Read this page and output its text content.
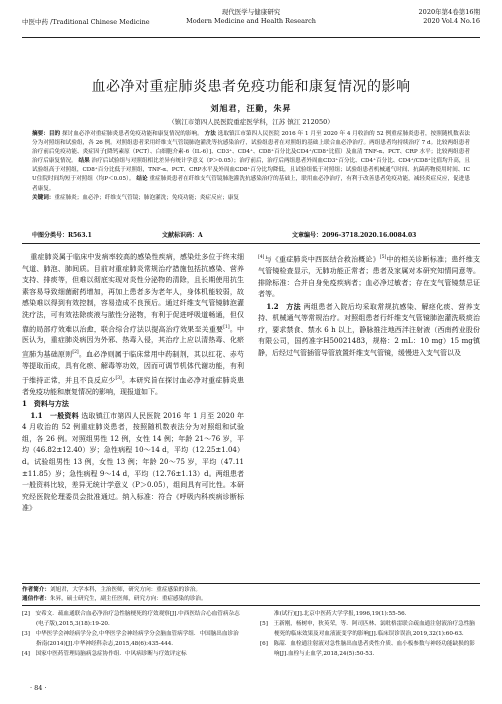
中医中药 /Traditional Chinese Medicine
现代医学与健康研究
Modern Medicine and Health Research
2020年第4卷第16期
2020 Vol.4 No.16
血必净对重症肺炎患者免疫功能和康复情况的影响
刘旭君，汪勤，朱昇
（镇江市第四人民医院重症医学科，江苏 镇江 212050）
摘要：目的 探讨血必净对重症肺炎患者免疫功能和康复情况的影响。 方法 选取镇江市第四人民医院 2016 年 1 月至 2020 年 4 月收治的 52 例重症肺炎患者，按照随机数表法分为对照组和试验组，各 26 例。对照组患者采用纤维支气管镜肺泡灌洗等抗感染治疗，试验组患者在对照组的基础上联合血必净治疗。两组患者均持续治疗 7 d。比较两组患者治疗前后免疫功能、炎症因子[降钙素原（PCT）、白细胞介素-6（IL-6）]、CD3⁺、CD4⁺、CD8⁺百分比及CD4⁺/CD8⁺比值）及血清 TNF-α、PCT、CRP 水平；比较两组患者治疗后康复情况。 结果 治疗后试验组与对照组相比差异有统计学意义（P＞0.05）；治疗前后，治疗后两组患者外周血CD3⁺百分比、CD4⁺百分比、CD4⁺/CD8⁺比值均升高，且试验组高于对照组，CD8⁺百分比低于对照组，TNF-α、PCT、CRP水平及外周血CD8⁺百分比均降低，且试验组低于对照组；试验组患者机械通气时间、抗菌药物使用时间、ICU住院时间均短于对照组（均P＜0.05）。 结论 重症肺炎患者在纤维支气管镜肺泡灌洗抗感染治疗的基础上，联用血必净治疗，有利于改善患者免疫功能，减轻炎症反应，促进患者康复。
关键词：重症肺炎；血必净；纤维支气管镜；肺泡灌洗；免疫功能；炎症反应；康复
中图分类号：R563.1	文献标识码：A	文章编号：2096-3718.2020.16.0084.03

重症肺炎属于临床中发病率较高的感染性疾病，感染灶多位于终末细气道、肺泡、肺间质。目前对重症肺炎常规治疗措施包括抗感染、营养支持、排痰等，但难以彻底实现对炎性分泌物的清除，且长期使用抗生素容易导致细菌耐药增加，再加上患者多为老年人，身体机能较弱，故感染难以得到有效控制，容易造成不良预后。通过纤维支气管镜肺泡灌洗疗法，可有效祛除痰液与脓性分泌物，有利于促进呼吸道畅通，但仅靠的局部疗效难以治愈，联合综合疗法以提高治疗效果至关重要[1]。中医认为，重症肺炎病因为外邪、热毒入侵，其治疗上应以清热毒、化瘀宣肺为基础原则[2]。血必净则属于临床常用中药制剂，其以红花、赤芍等提取而成，具有化瘀、解毒等功效，因而可调节机体代谢功能，有利于维持正常，并且不良反应少[3]。本研究旨在探讨血必净对重症肺炎患者免疫功能和康复情况的影响，现报道如下。

1　资料与方法

1.1　一般资料 选取镇江市第四人民医院 2016 年 1 月至 2020 年 4 月收治的 52 例重症肺炎患者，按照随机数表法分为对照组和试验组，各 26 例。对照组男性 12 例，女性 14 例；年龄 21～76 岁，平均（46.82±12.40）岁；急性病程 10～14 d，平均（12.25±1.04）d。试验组男性 13 例，女性 13 例；年龄 20～75 岁，平均（47.11±11.85）岁；急性病程 9～14 d，平均（12.76±1.13）d。两组患者一般资料比较，差异无统计学意义（P＞0.05），组间具有可比性。本研究经医院伦理委员会批准通过。纳入标准：符合《呼吸内科疾病诊断标准》

[4]与《重症肺炎中西医结合救治概论》[5]中的相关诊断标准；患纤维支气管镜检查显示，无肺功能正常者；患者及家属对本研究知情同意等。排除标准：合并自身免疫疾病者；血必净过敏者；存在支气管镜禁忌证者等。

1.2　方法 两组患者入院后均采取常规抗感染、解痉化痰、营养支持、机械通气等常规治疗。对照组患者行纤维支气管镜肺泡灌洗吸痰治疗，要求禁食、禁水 6 h 以上，静脉推注地西泮注射液（西南药业股份有限公司，国药准字H50021483，规格：2 mL：10 mg）15 mg镇静，后经过气管插管导管放置纤维支气管镜，缓慢进入支气管以及

作者简介：刘旭君，大学本科，主治医师，研究方向：重症感染的诊治。
通信作者：朱昇，硕士研究生，副主任医师，研究方向：重症感染的诊治。
[2]　安希文．疏血通联合血必净治疗急性脑梗死的疗效观察[J].中西医结合心血管病杂志(电子版),2015,3(18):19-20.
[3]　中华医学会神经病学分会,中华医学会神经病学分会脑血管病学组．中国脑出血诊治指南(2014)[J].中华神经科杂志,2015,48(6):435-444.
[4]　国家中医药管理局脑病急症协作组．中风病诊断与疗效评定标
准(试行)[J].北京中医药大学学报,1996,19(1):55-56.
[5]　王新刚，杨树申，狄英荣，等．阿司匹林、氯吡格雷联合疏血通注射液治疗急性脑梗死的临床效果及对血液流变学的影响[J].临床误诊误治,2019,32(1):60-63.
[6]　陈韶．血栓通注射液对急性脑出血患者炎性介质、血小板参数与神经功能缺损的影响[J].血栓与止血学,2018,24(5):50-53.
· 84 ·
